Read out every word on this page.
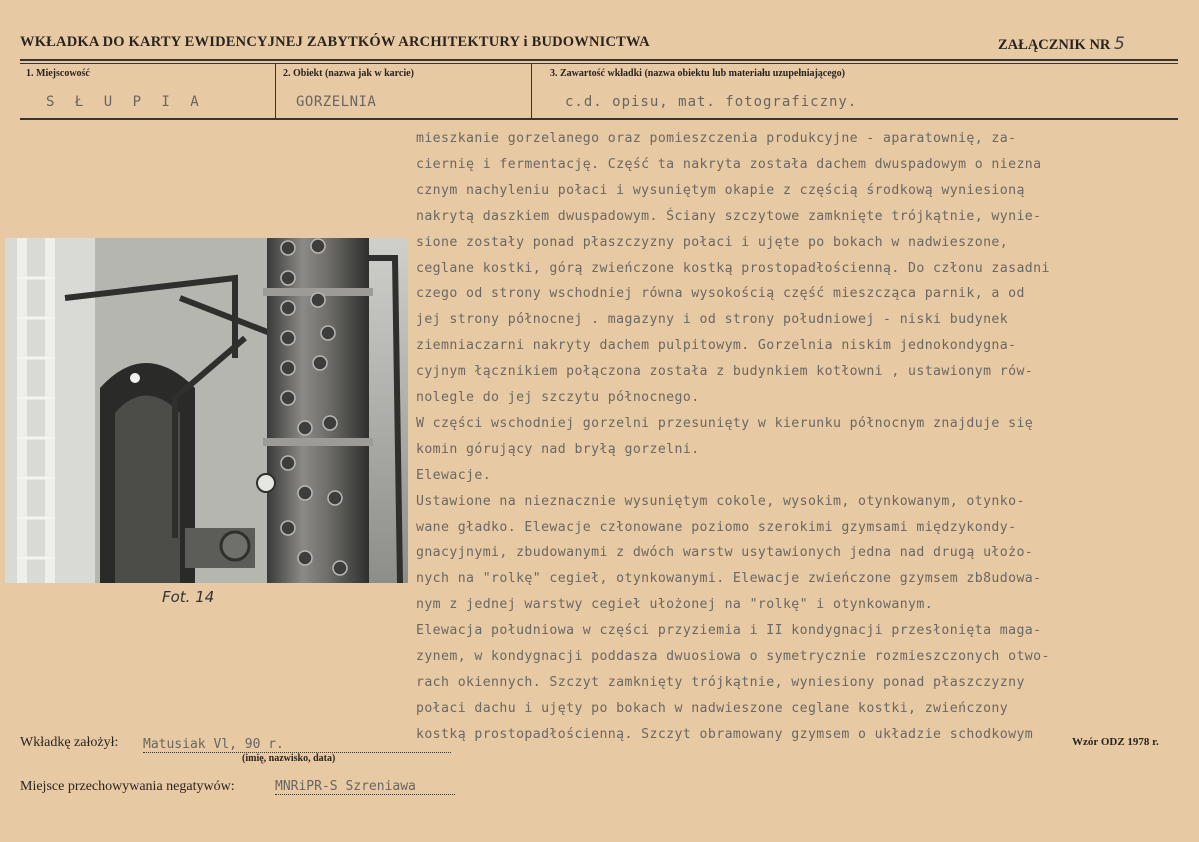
WKŁADKA DO KARTY EWIDENCYJNEJ ZABYTKÓW ARCHITEKTURY i BUDOWNICTWA	ZAŁĄCZNIK NR 5
1. Miejscowość
S Ł U P I A
2. Obiekt (nazwa jak w karcie)
GORZELNIA
3. Zawartość wkładki (nazwa obiektu lub materiału uzupełniającego)
c.d. opisu, mat. fotograficzny.
Fot. 14
mieszkanie gorzelanego oraz pomieszczenia produkcyjne - aparatownię, za-
ciernię i fermentację. Część ta nakryta została dachem dwuspadowym o niezna
cznym nachyleniu połaci i wysuniętym okapie z częścią środkową wyniesioną
nakrytą daszkiem dwuspadowym. Ściany szczytowe zamknięte trójkątnie, wynie-
sione zostały ponad płaszczyzny połaci i ujęte po bokach w nadwieszone,
ceglane kostki, górą zwieńczone kostką prostopadłościenną. Do członu zasadni
czego od strony wschodniej równa wysokością część mieszcząca parnik, a od
jej strony północnej . magazyny i od strony południowej - niski budynek
ziemniaczarni nakryty dachem pulpitowym. Gorzelnia niskim jednokondygna-
cyjnym łącznikiem połączona została z budynkiem kotłowni , ustawionym rów-
nolegle do jej szczytu północnego.
W części wschodniej gorzelni przesunięty w kierunku północnym znajduje się
komin górujący nad bryłą gorzelni.
Elewacje.
Ustawione na nieznacznie wysuniętym cokole, wysokim, otynkowanym, otynko-
wane gładko. Elewacje członowane poziomo szerokimi gzymsami międzykondy-
gnacyjnymi, zbudowanymi z dwóch warstw usytawionych jedna nad drugą ułożo-
nych na "rolkę" cegieł, otynkowanymi. Elewacje zwieńczone gzymsem zb8udowa-
nym z jednej warstwy cegieł ułożonej na "rolkę" i otynkowanym.
Elewacja południowa w części przyziemia i II kondygnacji przesłonięta maga-
zynem, w kondygnacji poddasza dwuosiowa o symetrycznie rozmieszczonych otwo-
rach okiennych. Szczyt zamknięty trójkątnie, wyniesiony ponad płaszczyzny
połaci dachu i ujęty po bokach w nadwieszone ceglane kostki, zwieńczony
kostką prostopadłościenną. Szczyt obramowany gzymsem o układzie schodkowym
Wkładkę założył: Matusiak Vl, 90 r.
(imię, nazwisko, data)
Wzór ODZ 1978 r.
Miejsce przechowywania negatywów:	MNRiPR-S Szreniawa
